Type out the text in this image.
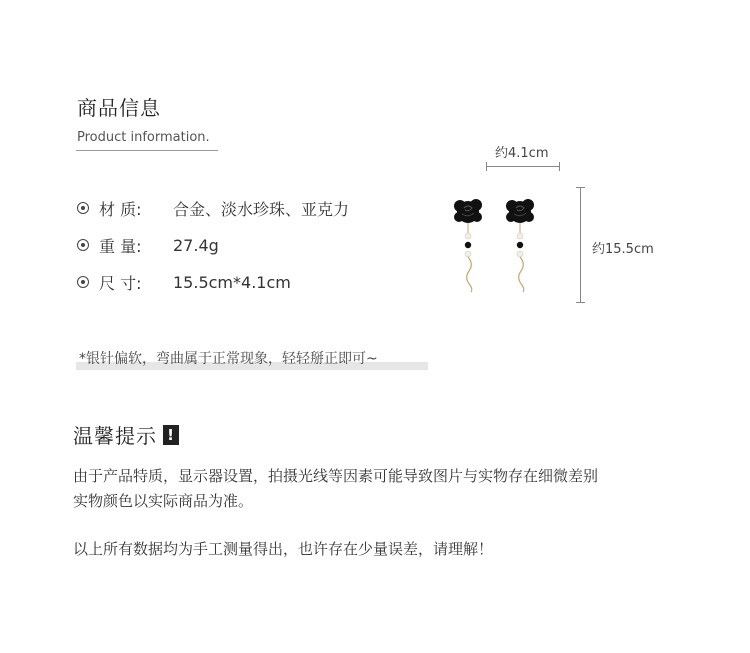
商品信息
Product information.
材 质:	合金、淡水珍珠、亚克力
重 量:	27.4g
尺 寸:	15.5cm*4.1cm
约4.1cm
约15.5cm
*银针偏软，弯曲属于正常现象，轻轻掰正即可~
温馨提示 !
由于产品特质，显示器设置，拍摄光线等因素可能导致图片与实物存在细微差别
实物颜色以实际商品为准。
以上所有数据均为手工测量得出，也许存在少量误差，请理解！
